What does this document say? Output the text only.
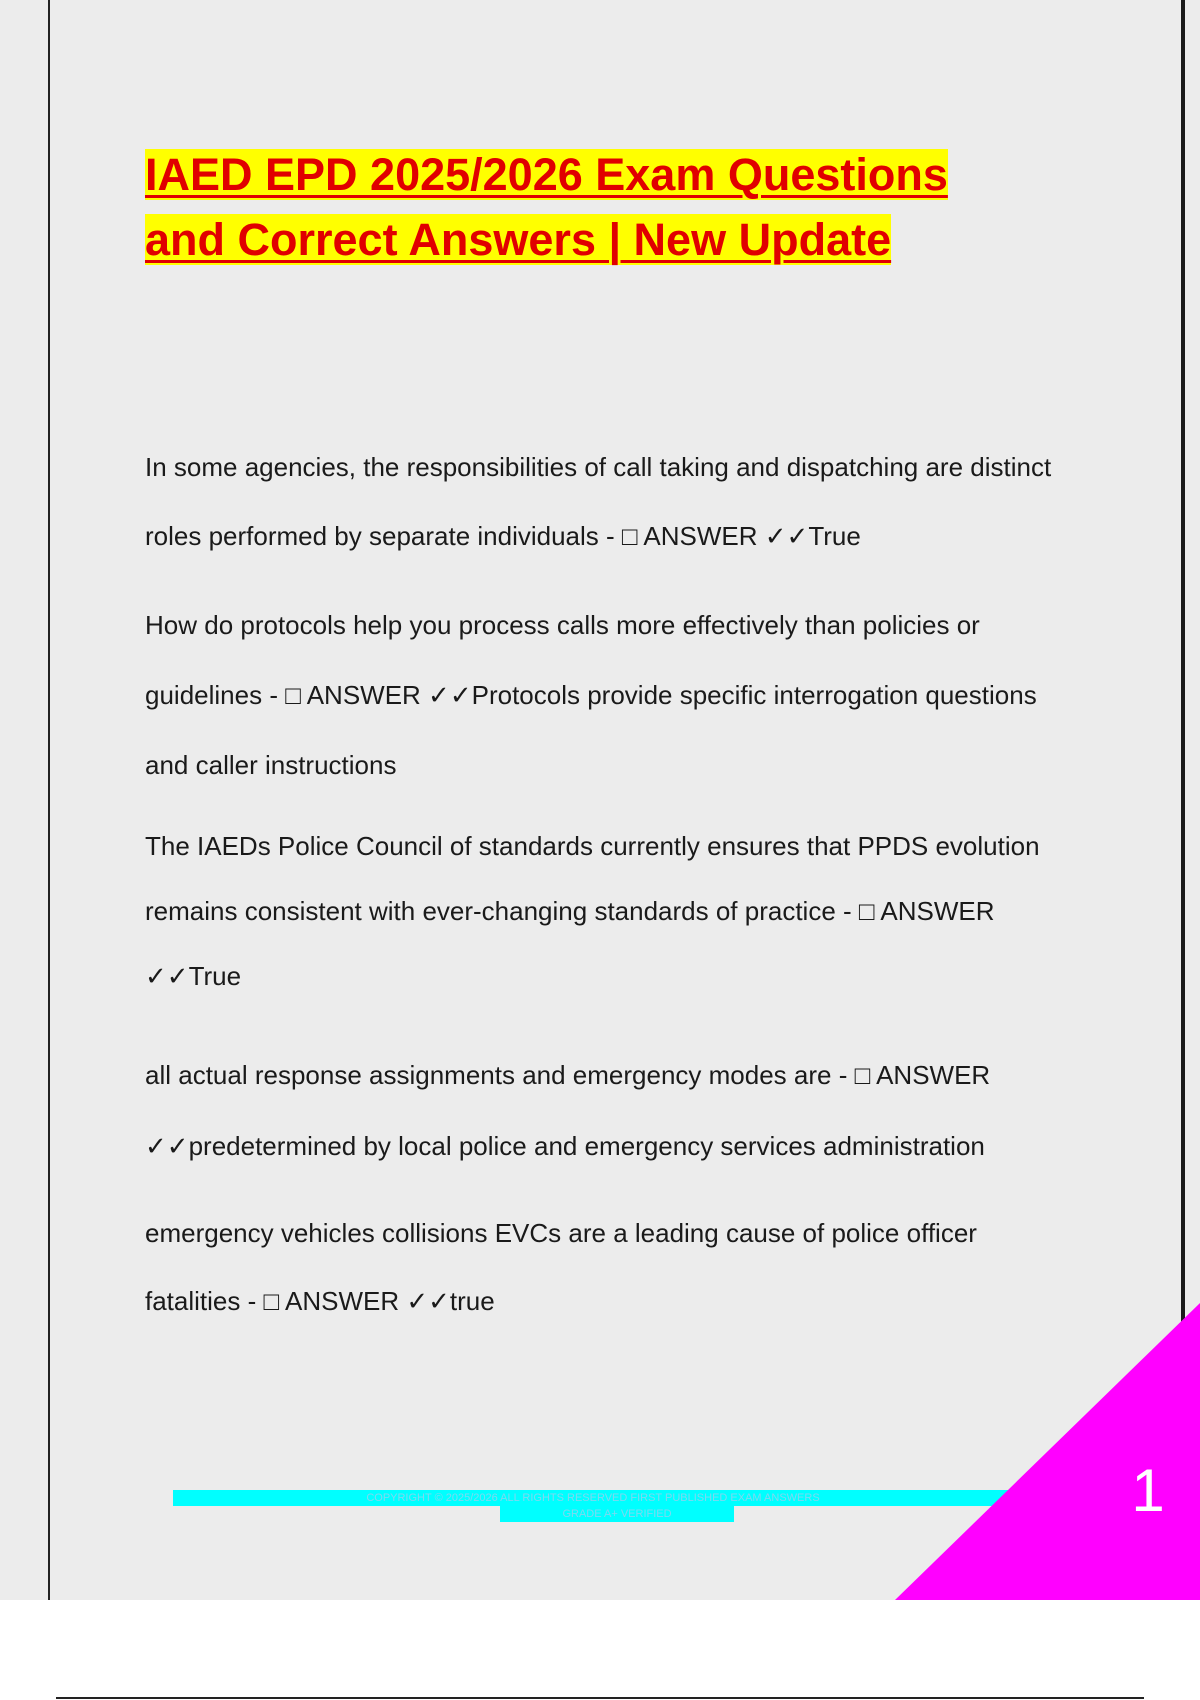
IAED EPD 2025/2026 Exam Questions
and Correct Answers | New Update

In some agencies, the responsibilities of call taking and dispatching are distinct roles performed by separate individuals - □ ANSWER ✓✓True

How do protocols help you process calls more effectively than policies or guidelines - □ ANSWER ✓✓Protocols provide specific interrogation questions and caller instructions

The IAEDs Police Council of standards currently ensures that PPDS evolution remains consistent with ever-changing standards of practice - □ ANSWER ✓✓True

all actual response assignments and emergency modes are - □ ANSWER ✓✓predetermined by local police and emergency services administration

emergency vehicles collisions EVCs are a leading cause of police officer fatalities - □ ANSWER ✓✓true

COPYRIGHT © 2025/2026 ALL RIGHTS RESERVED FIRST PUBLISHED EXAM ANSWERS
GRADE A+ VERIFIED	1
